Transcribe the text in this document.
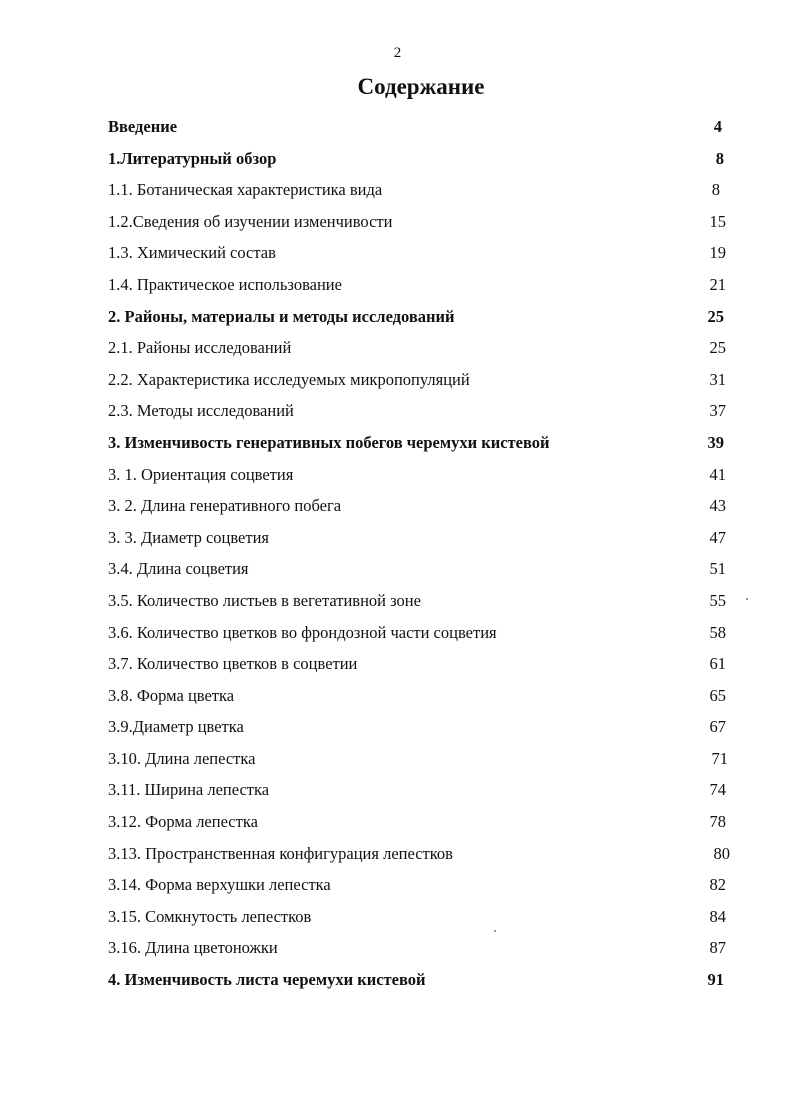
2
Содержание
Введение	4
1.Литературный обзор	8
1.1. Ботаническая характеристика вида	8
1.2.Сведения об изучении изменчивости	15
1.3. Химический состав	19
1.4. Практическое использование	21
2. Районы, материалы и методы исследований	25
2.1. Районы исследований	25
2.2. Характеристика исследуемых микропопуляций	31
2.3. Методы исследований	37
3. Изменчивость генеративных побегов черемухи кистевой	39
3. 1. Ориентация соцветия	41
3. 2. Длина генеративного побега	43
3. 3. Диаметр соцветия	47
3.4. Длина соцветия	51
3.5. Количество листьев в вегетативной зоне	55
3.6. Количество цветков во фрондозной части соцветия	58
3.7. Количество цветков в соцветии	61
3.8. Форма цветка	65
3.9.Диаметр цветка	67
3.10. Длина лепестка	71
3.11. Ширина лепестка	74
3.12. Форма лепестка	78
3.13. Пространственная конфигурация лепестков	80
3.14. Форма верхушки лепестка	82
3.15. Сомкнутость лепестков	84
3.16. Длина цветоножки	87
4. Изменчивость листа черемухи кистевой	91
